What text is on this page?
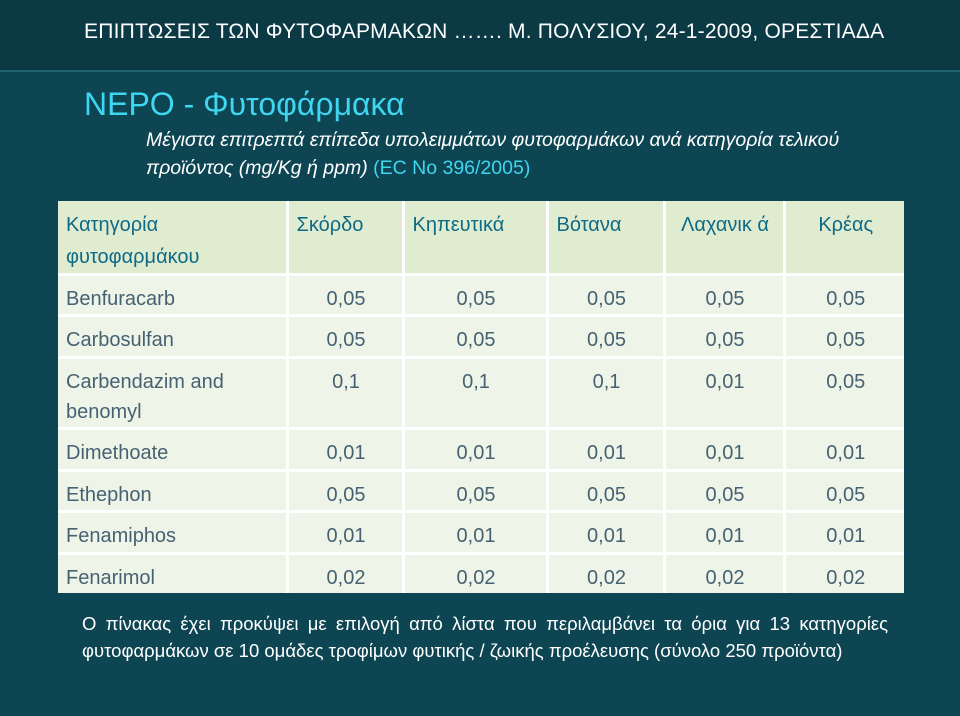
ΕΠΙΠΤΩΣΕΙΣ ΤΩΝ ΦΥΤΟΦΑΡΜΑΚΩΝ ……. Μ. ΠΟΛΥΣΙΟΥ, 24-1-2009, ΟΡΕΣΤΙΑΔΑ
ΝΕΡΟ - Φυτοφάρμακα
Μέγιστα επιτρεπτά επίπεδα υπολειμμάτων φυτοφαρμάκων ανά κατηγορία τελικού προϊόντος (mg/Kg ή ppm) (EC No 396/2005)
Κατηγορία φυτοφαρμάκου	Σκόρδο	Κηπευτικά	Βότανα	Λαχανικ ά	Κρέας
Benfuracarb	0,05	0,05	0,05	0,05	0,05
Carbosulfan	0,05	0,05	0,05	0,05	0,05
Carbendazim and benomyl	0,1	0,1	0,1	0,01	0,05
Dimethoate	0,01	0,01	0,01	0,01	0,01
Ethephon	0,05	0,05	0,05	0,05	0,05
Fenamiphos	0,01	0,01	0,01	0,01	0,01
Fenarimol	0,02	0,02	0,02	0,02	0,02
Ο πίνακας έχει προκύψει με επιλογή από λίστα που περιλαμβάνει τα όρια για 13 κατηγορίες φυτοφαρμάκων σε 10 ομάδες τροφίμων φυτικής / ζωικής προέλευσης (σύνολο 250 προϊόντα)
